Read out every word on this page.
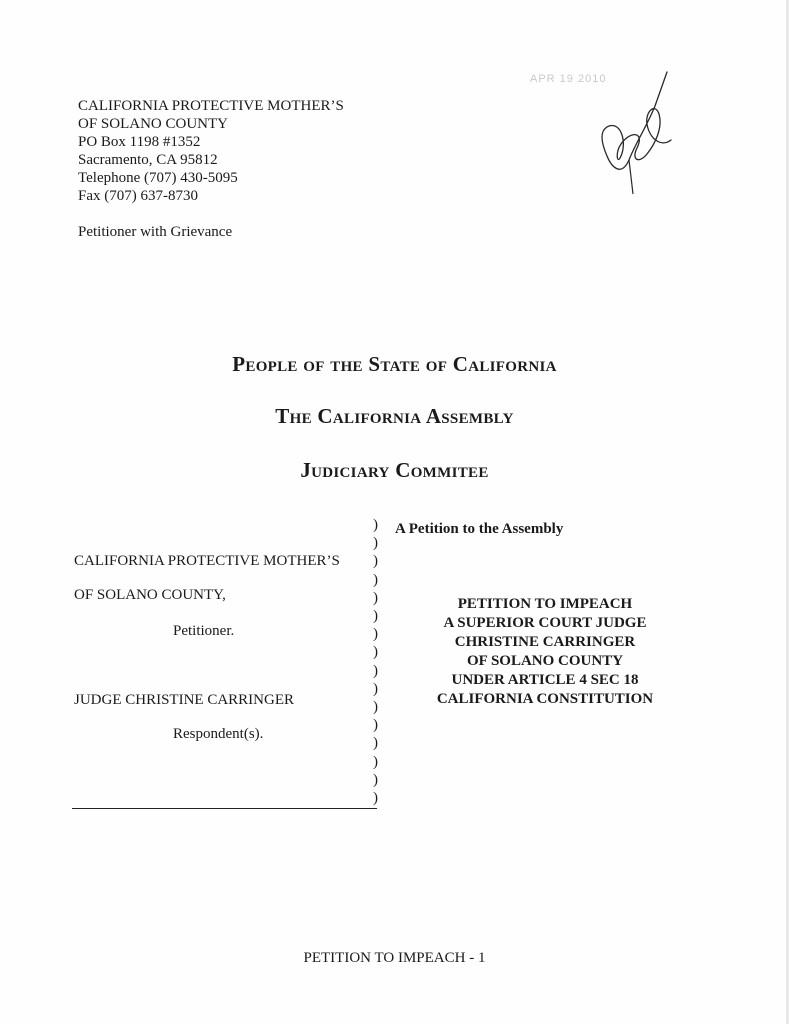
CALIFORNIA PROTECTIVE MOTHER’S
OF SOLANO COUNTY
PO Box 1198 #1352
Sacramento, CA 95812
Telephone (707) 430-5095
Fax (707) 637-8730
Petitioner with Grievance
APR 19 2010
People of the State of California
The California Assembly
Judiciary Commitee
CALIFORNIA PROTECTIVE MOTHER’S
OF SOLANO COUNTY,
Petitioner.
JUDGE CHRISTINE CARRINGER
Respondent(s).
)
)
)
)
)
)
)
)
)
)
)
)
)
)
)
)
A Petition to the Assembly
PETITION TO IMPEACH
A SUPERIOR COURT JUDGE
CHRISTINE CARRINGER
OF SOLANO COUNTY
UNDER ARTICLE 4 SEC 18
CALIFORNIA CONSTITUTION
PETITION TO IMPEACH - 1
